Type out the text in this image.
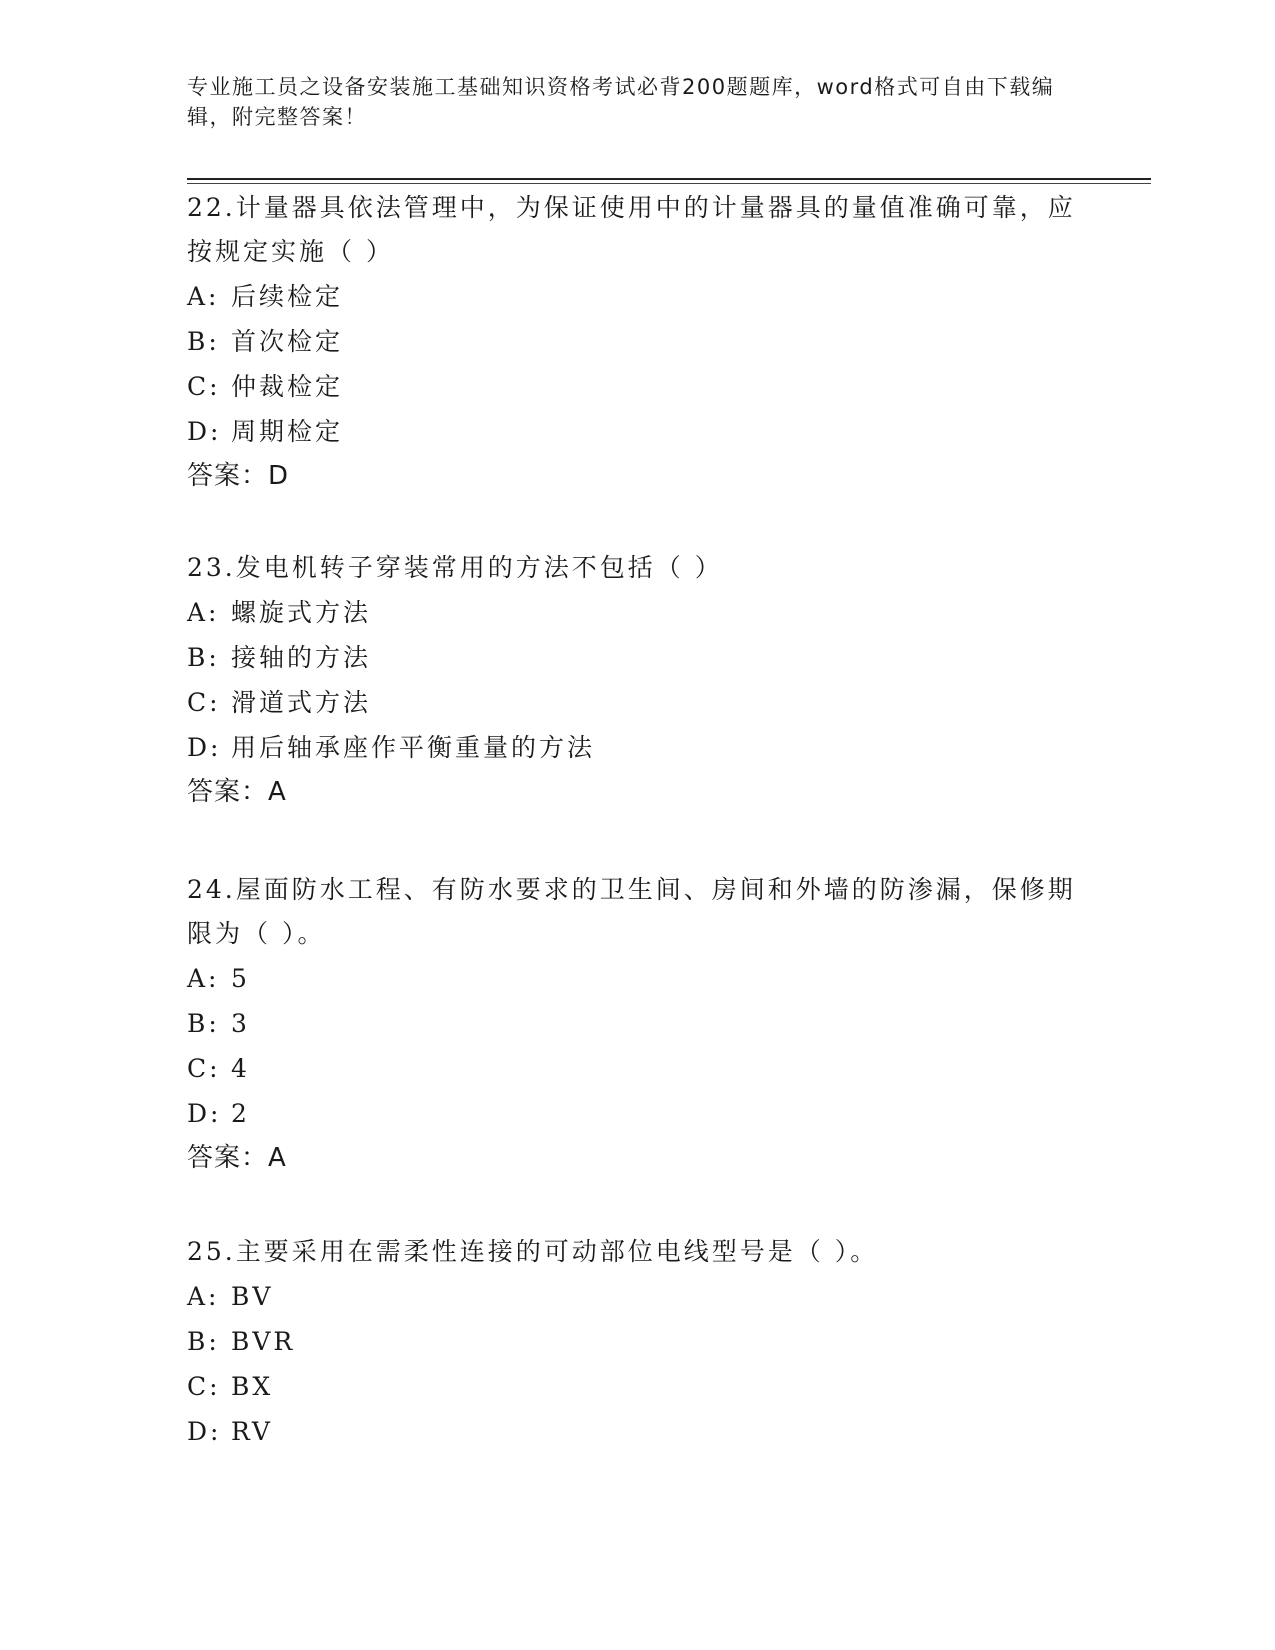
专业施工员之设备安装施工基础知识资格考试必背200题题库，word格式可自由下载编辑，附完整答案！

22.计量器具依法管理中，为保证使用中的计量器具的量值准确可靠，应按规定实施（ ）

A: 后续检定

B: 首次检定

C: 仲裁检定

D: 周期检定

答案：D

23.发电机转子穿装常用的方法不包括（ ）

A: 螺旋式方法

B: 接轴的方法

C: 滑道式方法

D: 用后轴承座作平衡重量的方法

答案：A

24.屋面防水工程、有防水要求的卫生间、房间和外墙的防渗漏，保修期限为（ ）。

A: 5

B: 3

C: 4

D: 2

答案：A

25.主要采用在需柔性连接的可动部位电线型号是（ ）。

A: BV

B: BVR

C: BX

D: RV
